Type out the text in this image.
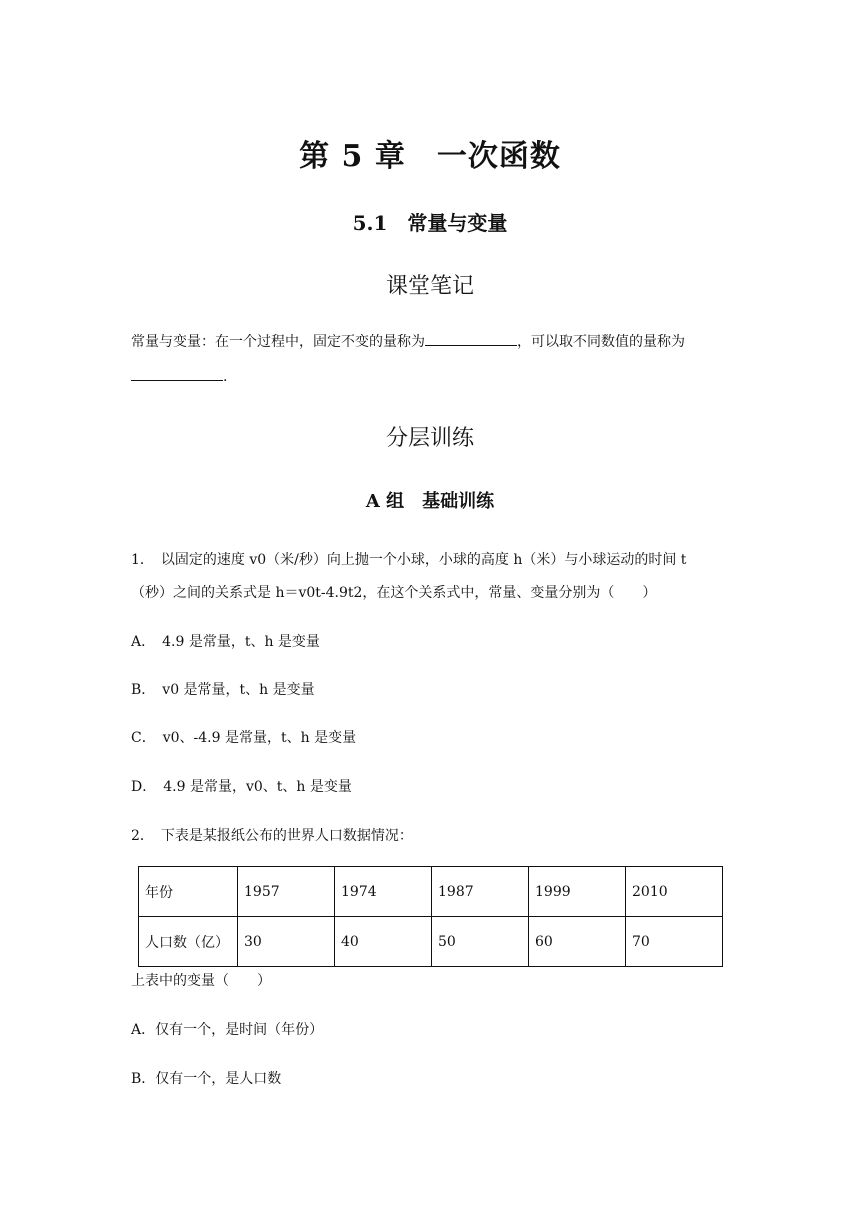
第 5 章　一次函数
5.1　常量与变量
课堂笔记

常量与变量：在一个过程中，固定不变的量称为	，可以取不同数值的量称为

.

分层训练
A 组　基础训练

1．　以固定的速度 v0（米/秒）向上抛一个小球，小球的高度 h（米）与小球运动的时间 t

（秒）之间的关系式是 h＝v0t-4.9t2，在这个关系式中，常量、变量分别为（　　）

A．　4.9 是常量，t、h 是变量

B．　v0 是常量，t、h 是变量

C．　v0、-4.9 是常量，t、h 是变量

D．　4.9 是常量，v0、t、h 是变量

2．　下表是某报纸公布的世界人口数据情况：

年份	1957	1974	1987	1999	2010
人口数（亿）	30	40	50	60	70

上表中的变量（　　）

A．仅有一个，是时间（年份）

B．仅有一个，是人口数
